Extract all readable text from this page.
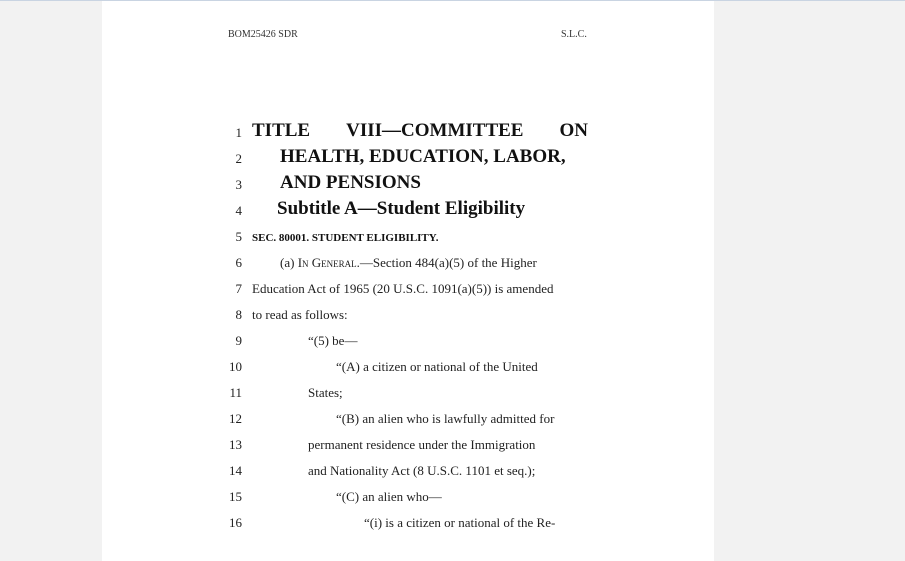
BOM25426 SDR	S.L.C.
1
2
3
4
5
6
7
8
9
10
11
12
13
14
15
16
TITLE VIII—COMMITTEE ON
HEALTH, EDUCATION, LABOR,
AND PENSIONS
Subtitle A—Student Eligibility
SEC. 80001. STUDENT ELIGIBILITY.
(a) In General.—Section 484(a)(5) of the Higher
Education Act of 1965 (20 U.S.C. 1091(a)(5)) is amended
to read as follows:
“(5) be—
“(A) a citizen or national of the United
States;
“(B) an alien who is lawfully admitted for
permanent residence under the Immigration
and Nationality Act (8 U.S.C. 1101 et seq.);
“(C) an alien who—
“(i) is a citizen or national of the Re-
